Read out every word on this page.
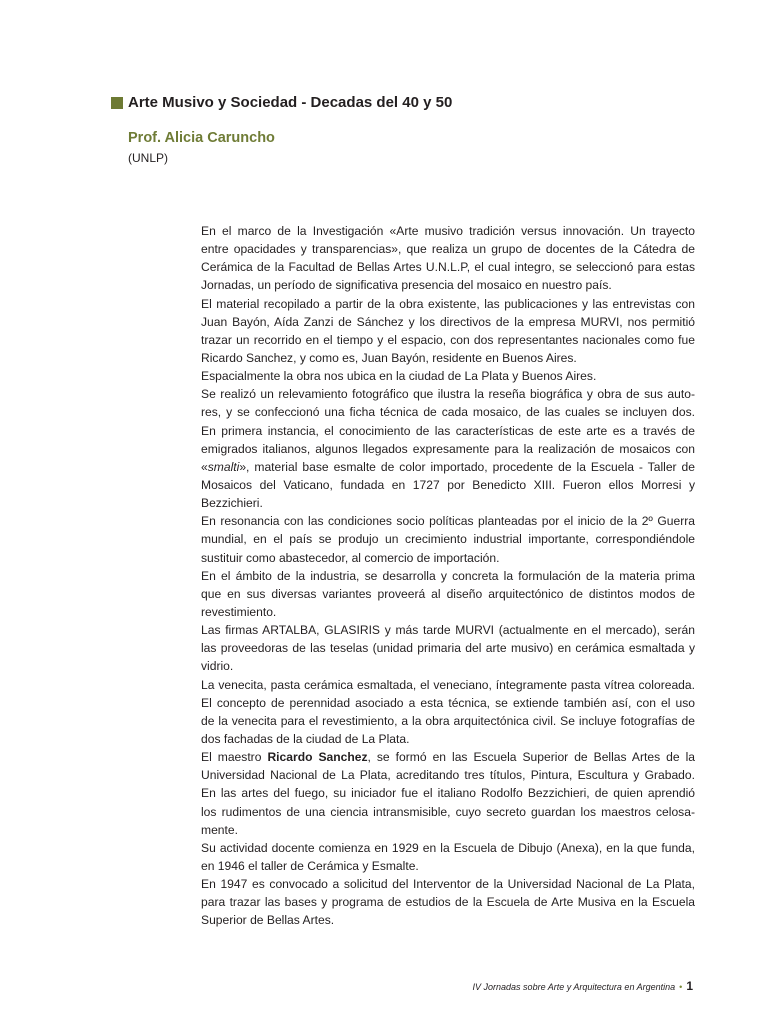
Arte Musivo y Sociedad - Decadas del 40 y 50
Prof. Alicia Caruncho
(UNLP)
En el marco de la Investigación «Arte musivo tradición versus innovación. Un trayecto
entre opacidades y transparencias», que realiza un grupo de docentes de la Cátedra de
Cerámica de la Facultad de Bellas Artes U.N.L.P, el cual integro, se seleccionó para estas
Jornadas, un período de significativa presencia del mosaico en nuestro país.
El material recopilado a partir de la obra existente, las publicaciones y las entrevistas con
Juan Bayón, Aída Zanzi de Sánchez y los directivos de la empresa MURVI, nos permitió
trazar un recorrido en el tiempo y el espacio, con dos representantes nacionales como fue
Ricardo Sanchez, y como es, Juan Bayón, residente en Buenos Aires.
Espacialmente la obra nos ubica en la ciudad de La Plata y Buenos Aires.
Se realizó un relevamiento fotográfico que ilustra la reseña biográfica y obra de sus auto-
res, y se confeccionó una ficha técnica de cada mosaico, de las cuales se incluyen dos.
En primera instancia, el conocimiento de las características de este arte es a través de
emigrados italianos, algunos llegados expresamente para la realización de mosaicos con
«smalti», material base esmalte de color importado, procedente de la Escuela - Taller de
Mosaicos del Vaticano, fundada en 1727 por Benedicto XIII. Fueron ellos Morresi y
Bezzichieri.
En resonancia con las condiciones socio políticas planteadas por el inicio de la 2º Guerra
mundial, en el país se produjo un crecimiento industrial importante, correspondiéndole
sustituir como abastecedor, al comercio de importación.
En el ámbito de la industria, se desarrolla y concreta la formulación de la materia prima
que en sus diversas variantes proveerá al diseño arquitectónico de distintos modos de
revestimiento.
Las firmas ARTALBA, GLASIRIS y más tarde MURVI (actualmente en el mercado), serán
las proveedoras de las teselas (unidad primaria del arte musivo) en cerámica esmaltada y
vidrio.
La venecita, pasta cerámica esmaltada, el veneciano, íntegramente pasta vítrea coloreada.
El concepto de perennidad asociado a esta técnica, se extiende también así, con el uso
de la venecita para el revestimiento, a la obra arquitectónica civil. Se incluye fotografías de
dos fachadas de la ciudad de La Plata.
El maestro Ricardo Sanchez, se formó en las Escuela Superior de Bellas Artes de la
Universidad Nacional de La Plata, acreditando tres títulos, Pintura, Escultura y Grabado.
En las artes del fuego, su iniciador fue el italiano Rodolfo Bezzichieri, de quien aprendió
los rudimentos de una ciencia intransmisible, cuyo secreto guardan los maestros celosa-
mente.
Su actividad docente comienza en 1929 en la Escuela de Dibujo (Anexa), en la que funda,
en 1946 el taller de Cerámica y Esmalte.
En 1947 es convocado a solicitud del Interventor de la Universidad Nacional de La Plata,
para trazar las bases y programa de estudios de la Escuela de Arte Musiva en la Escuela
Superior de Bellas Artes.
IV Jornadas sobre Arte y Arquitectura en Argentina • 1
